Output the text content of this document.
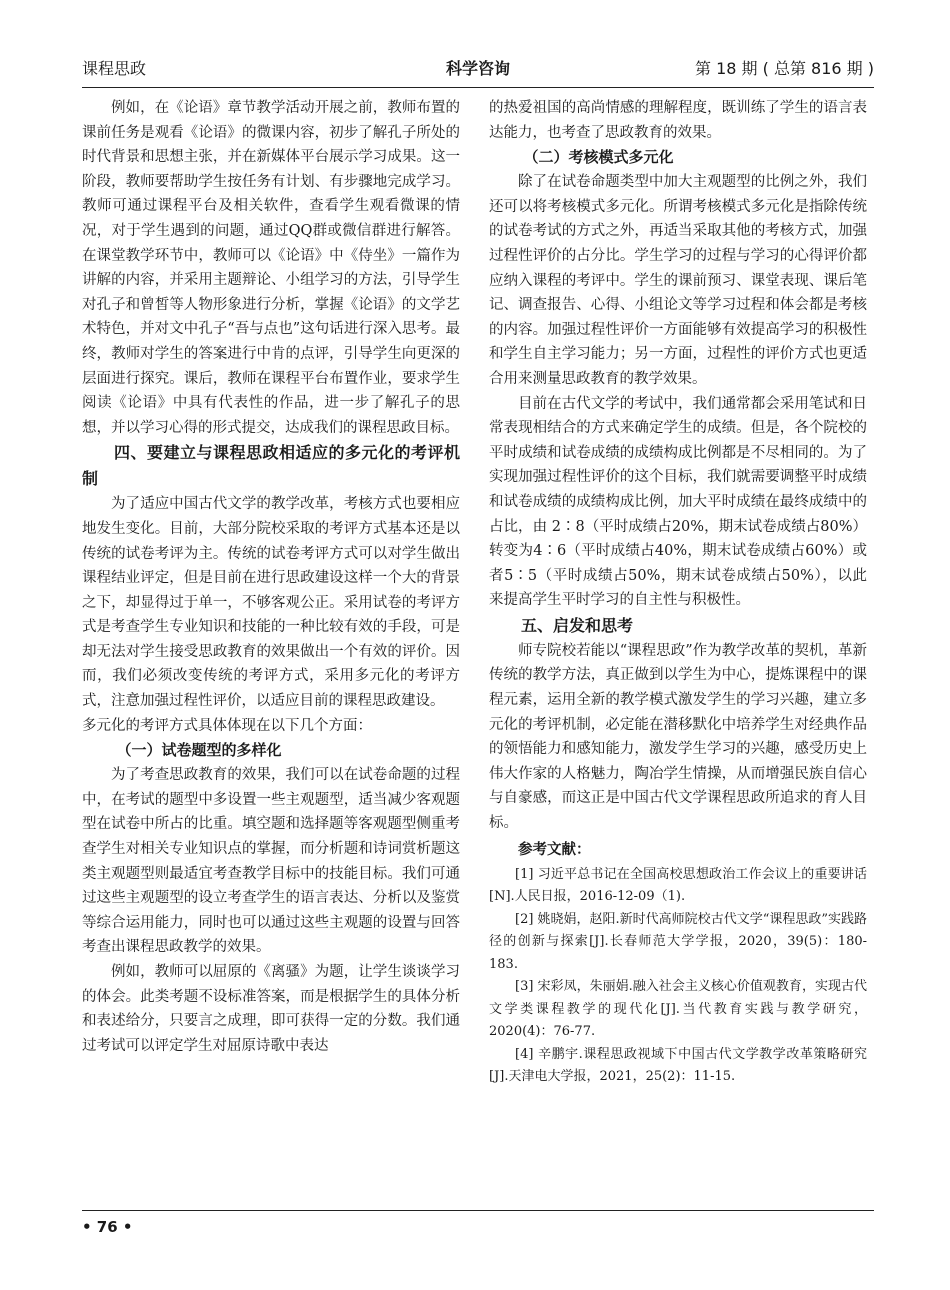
课程思政	科学咨询	第 18 期 ( 总第 816 期 )

例如，在《论语》章节教学活动开展之前，教师布置的课前任务是观看《论语》的微课内容，初步了解孔子所处的时代背景和思想主张，并在新媒体平台展示学习成果。这一阶段，教师要帮助学生按任务有计划、有步骤地完成学习。教师可通过课程平台及相关软件，查看学生观看微课的情况，对于学生遇到的问题，通过QQ群或微信群进行解答。在课堂教学环节中，教师可以《论语》中《侍坐》一篇作为讲解的内容，并采用主题辩论、小组学习的方法，引导学生对孔子和曾皙等人物形象进行分析，掌握《论语》的文学艺术特色，并对文中孔子“吾与点也”这句话进行深入思考。最终，教师对学生的答案进行中肯的点评，引导学生向更深的层面进行探究。课后，教师在课程平台布置作业，要求学生阅读《论语》中具有代表性的作品，进一步了解孔子的思想，并以学习心得的形式提交，达成我们的课程思政目标。

四、要建立与课程思政相适应的多元化的考评机制

为了适应中国古代文学的教学改革，考核方式也要相应地发生变化。目前，大部分院校采取的考评方式基本还是以传统的试卷考评为主。传统的试卷考评方式可以对学生做出课程结业评定，但是目前在进行思政建设这样一个大的背景之下，却显得过于单一，不够客观公正。采用试卷的考评方式是考查学生专业知识和技能的一种比较有效的手段，可是却无法对学生接受思政教育的效果做出一个有效的评价。因而，我们必须改变传统的考评方式，采用多元化的考评方式，注意加强过程性评价，以适应目前的课程思政建设。

多元化的考评方式具体体现在以下几个方面：

（一）试卷题型的多样化

为了考查思政教育的效果，我们可以在试卷命题的过程中，在考试的题型中多设置一些主观题型，适当减少客观题型在试卷中所占的比重。填空题和选择题等客观题型侧重考查学生对相关专业知识点的掌握，而分析题和诗词赏析题这类主观题型则最适宜考查教学目标中的技能目标。我们可通过这些主观题型的设立考查学生的语言表达、分析以及鉴赏等综合运用能力，同时也可以通过这些主观题的设置与回答考查出课程思政教学的效果。

例如，教师可以屈原的《离骚》为题，让学生谈谈学习的体会。此类考题不设标准答案，而是根据学生的具体分析和表述给分，只要言之成理，即可获得一定的分数。我们通过考试可以评定学生对屈原诗歌中表达

的热爱祖国的高尚情感的理解程度，既训练了学生的语言表达能力，也考查了思政教育的效果。

（二）考核模式多元化

除了在试卷命题类型中加大主观题型的比例之外，我们还可以将考核模式多元化。所谓考核模式多元化是指除传统的试卷考试的方式之外，再适当采取其他的考核方式，加强过程性评价的占分比。学生学习的过程与学习的心得评价都应纳入课程的考评中。学生的课前预习、课堂表现、课后笔记、调查报告、心得、小组论文等学习过程和体会都是考核的内容。加强过程性评价一方面能够有效提高学习的积极性和学生自主学习能力；另一方面，过程性的评价方式也更适合用来测量思政教育的教学效果。

目前在古代文学的考试中，我们通常都会采用笔试和日常表现相结合的方式来确定学生的成绩。但是，各个院校的平时成绩和试卷成绩的成绩构成比例都是不尽相同的。为了实现加强过程性评价的这个目标，我们就需要调整平时成绩和试卷成绩的成绩构成比例，加大平时成绩在最终成绩中的占比，由 2∶8（平时成绩占20%，期末试卷成绩占80%）转变为4∶6（平时成绩占40%，期末试卷成绩占60%）或者5∶5（平时成绩占50%，期末试卷成绩占50%），以此来提高学生平时学习的自主性与积极性。

五、启发和思考

师专院校若能以“课程思政”作为教学改革的契机，革新传统的教学方法，真正做到以学生为中心，提炼课程中的课程元素，运用全新的教学模式激发学生的学习兴趣，建立多元化的考评机制，必定能在潜移默化中培养学生对经典作品的领悟能力和感知能力，激发学生学习的兴趣，感受历史上伟大作家的人格魅力，陶冶学生情操，从而增强民族自信心与自豪感，而这正是中国古代文学课程思政所追求的育人目标。

参考文献：

[1] 习近平总书记在全国高校思想政治工作会议上的重要讲话[N].人民日报，2016-12-09（1).

[2] 姚晓娟，赵阳.新时代高师院校古代文学“课程思政”实践路径的创新与探索[J].长春师范大学学报，2020，39(5)：180-183.

[3] 宋彩凤，朱丽娟.融入社会主义核心价值观教育，实现古代文学类课程教学的现代化[J].当代教育实践与教学研究，2020(4)：76-77.

[4] 辛鹏宇.课程思政视域下中国古代文学教学改革策略研究[J].天津电大学报，2021，25(2)：11-15.

• 76 •
